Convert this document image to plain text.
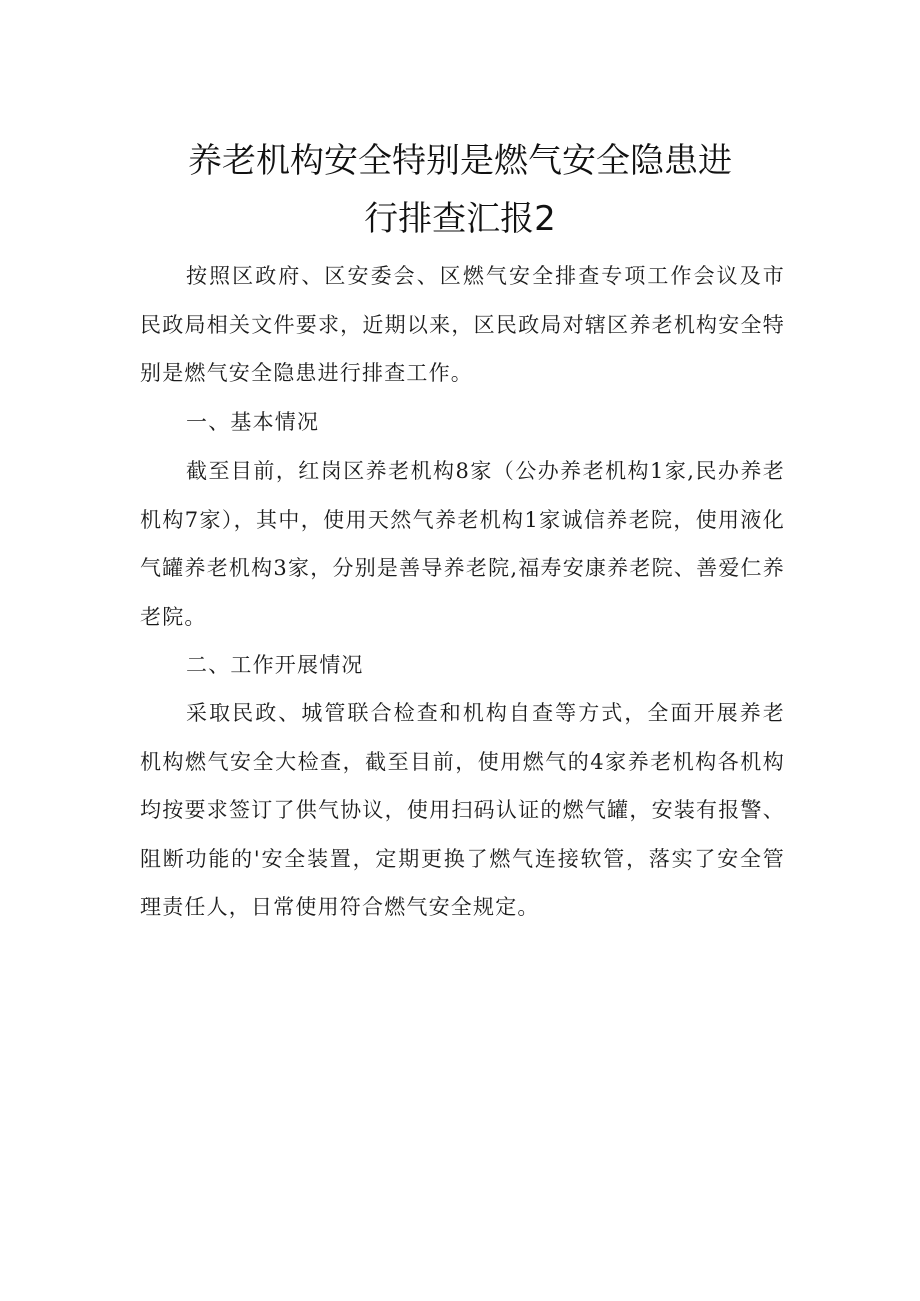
养老机构安全特别是燃气安全隐患进
行排查汇报2

按照区政府、区安委会、区燃气安全排查专项工作会议及市民政局相关文件要求，近期以来，区民政局对辖区养老机构安全特别是燃气安全隐患进行排查工作。

一、基本情况

截至目前，红岗区养老机构8家（公办养老机构1家,民办养老机构7家），其中，使用天然气养老机构1家诚信养老院，使用液化气罐养老机构3家，分别是善导养老院,福寿安康养老院、善爱仁养老院。

二、工作开展情况

采取民政、城管联合检查和机构自查等方式，全面开展养老机构燃气安全大检查，截至目前，使用燃气的4家养老机构各机构均按要求签订了供气协议，使用扫码认证的燃气罐，安装有报警、阻断功能的'安全装置，定期更换了燃气连接软管，落实了安全管理责任人，日常使用符合燃气安全规定。
